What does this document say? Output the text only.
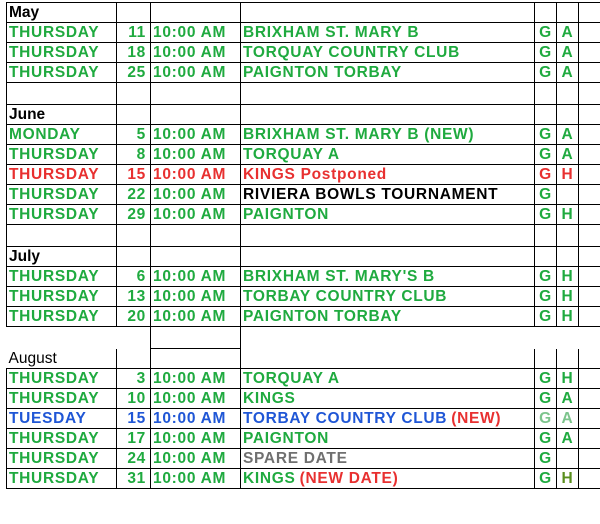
May						
THURSDAY	11	10:00 AM	BRIXHAM ST. MARY B	G	A	
THURSDAY	18	10:00 AM	TORQUAY COUNTRY CLUB	G	A	
THURSDAY	25	10:00 AM	PAIGNTON TORBAY	G	A	

June						
MONDAY	5	10:00 AM	BRIXHAM ST. MARY B (NEW)	G	A	
THURSDAY	8	10:00 AM	TORQUAY A	G	A	
THURSDAY	15	10:00 AM	KINGS Postponed	G	H	
THURSDAY	22	10:00 AM	RIVIERA BOWLS TOURNAMENT	G		
THURSDAY	29	10:00 AM	PAIGNTON	G	H	

July						
THURSDAY	6	10:00 AM	BRIXHAM ST. MARY'S B	G	H	
THURSDAY	13	10:00 AM	TORBAY COUNTRY CLUB	G	H	
THURSDAY	20	10:00 AM	PAIGNTON TORBAY	G	H	

August						
THURSDAY	3	10:00 AM	TORQUAY A	G	H	
THURSDAY	10	10:00 AM	KINGS	G	A	
TUESDAY	15	10:00 AM	TORBAY COUNTRY CLUB (NEW)	G	A	
THURSDAY	17	10:00 AM	PAIGNTON	G	A	
THURSDAY	24	10:00 AM	SPARE DATE	G		
THURSDAY	31	10:00 AM	KINGS (NEW DATE)	G	H	
